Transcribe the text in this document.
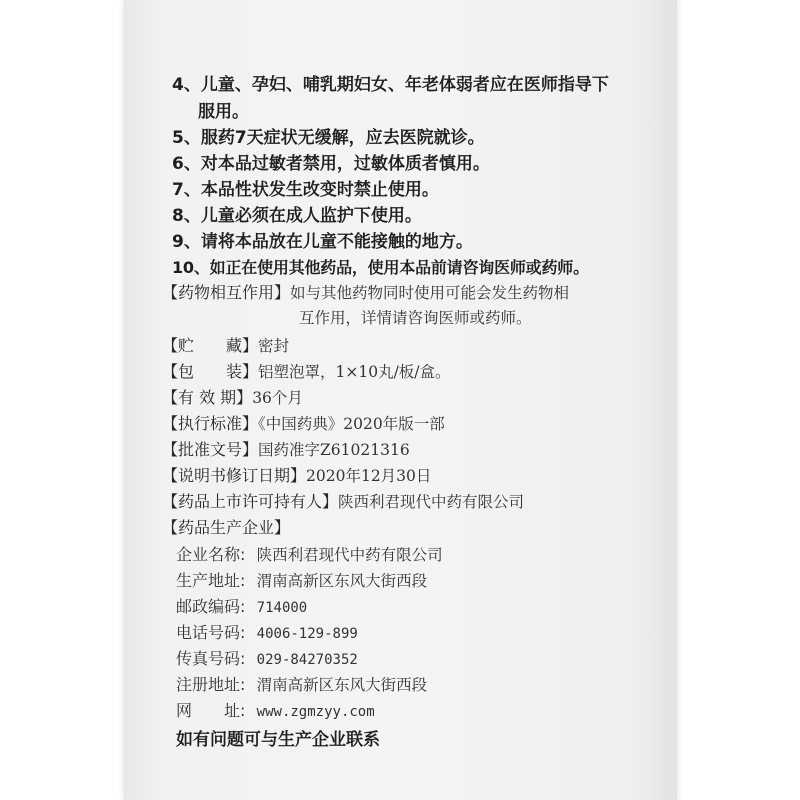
4、儿童、孕妇、哺乳期妇女、年老体弱者应在医师指导下
服用。
5、服药7天症状无缓解，应去医院就诊。
6、对本品过敏者禁用，过敏体质者慎用。
7、本品性状发生改变时禁止使用。
8、儿童必须在成人监护下使用。
9、请将本品放在儿童不能接触的地方。
10、如正在使用其他药品，使用本品前请咨询医师或药师。
【药物相互作用】如与其他药物同时使用可能会发生药物相
互作用，详情请咨询医师或药师。
【贮　　藏】密封
【包　　装】铝塑泡罩，1×10丸/板/盒。
【有 效 期】36个月
【执行标准】《中国药典》2020年版一部
【批准文号】国药准字Z61021316
【说明书修订日期】2020年12月30日
【药品上市许可持有人】陕西利君现代中药有限公司
【药品生产企业】
企业名称: 陕西利君现代中药有限公司
生产地址: 渭南高新区东风大街西段
邮政编码: 714000
电话号码: 4006-129-899
传真号码: 029-84270352
注册地址: 渭南高新区东风大街西段
网　　址: www.zgmzyy.com
如有问题可与生产企业联系
